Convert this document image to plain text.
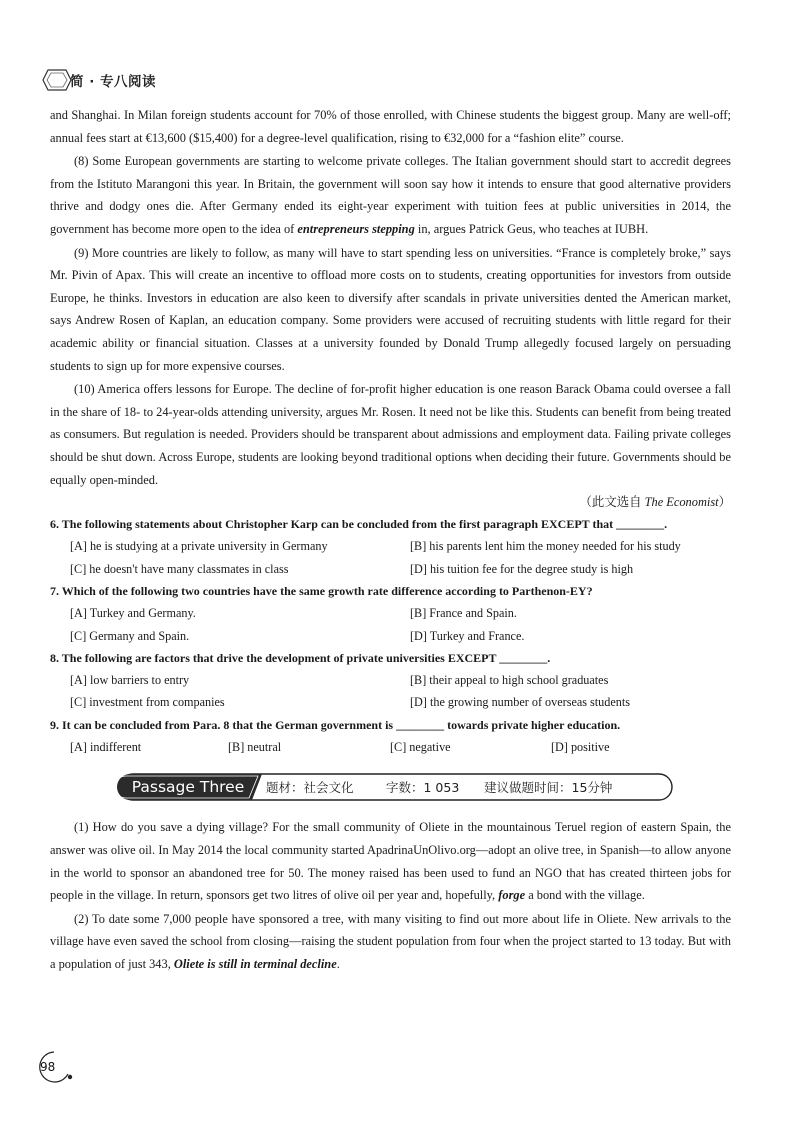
简 · 专八阅读

and Shanghai. In Milan foreign students account for 70% of those enrolled, with Chinese students the biggest group. Many are well-off; annual fees start at €13,600 ($15,400) for a degree-level qualification, rising to €32,000 for a “fashion elite” course.

(8) Some European governments are starting to welcome private colleges. The Italian government should start to accredit degrees from the Istituto Marangoni this year. In Britain, the government will soon say how it intends to ensure that good alternative providers thrive and dodgy ones die. After Germany ended its eight-year experiment with tuition fees at public universities in 2014, the government has become more open to the idea of entrepreneurs stepping in, argues Patrick Geus, who teaches at IUBH.

(9) More countries are likely to follow, as many will have to start spending less on universities. “France is completely broke,” says Mr. Pivin of Apax. This will create an incentive to offload more costs on to students, creating opportunities for investors from outside Europe, he thinks. Investors in education are also keen to diversify after scandals in private universities dented the American market, says Andrew Rosen of Kaplan, an education company. Some providers were accused of recruiting students with little regard for their academic ability or financial situation. Classes at a university founded by Donald Trump allegedly focused largely on persuading students to sign up for more expensive courses.

(10) America offers lessons for Europe. The decline of for-profit higher education is one reason Barack Obama could oversee a fall in the share of 18- to 24-year-olds attending university, argues Mr. Rosen. It need not be like this. Students can benefit from being treated as consumers. But regulation is needed. Providers should be transparent about admissions and employment data. Failing private colleges should be shut down. Across Europe, students are looking beyond traditional options when deciding their future. Governments should be equally open-minded.

（此文选自 The Economist）

6. The following statements about Christopher Karp can be concluded from the first paragraph EXCEPT that ________.

[A] he is studying at a private university in Germany	[B] his parents lent him the money needed for his study
[C] he doesn't have many classmates in class	[D] his tuition fee for the degree study is high

7. Which of the following two countries have the same growth rate difference according to Parthenon-EY?

[A] Turkey and Germany.	[B] France and Spain.
[C] Germany and Spain.	[D] Turkey and France.

8. The following are factors that drive the development of private universities EXCEPT ________.

[A] low barriers to entry	[B] their appeal to high school graduates
[C] investment from companies	[D] the growing number of overseas students

9. It can be concluded from Para. 8 that the German government is ________ towards private higher education.

[A] indifferent	[B] neutral	[C] negative	[D] positive
Passage Three	题材：社会文化	字数：1 053	建议做题时间：15分钟

(1) How do you save a dying village? For the small community of Oliete in the mountainous Teruel region of eastern Spain, the answer was olive oil. In May 2014 the local community started ApadrinaUnOlivo.org—adopt an olive tree, in Spanish—to allow anyone in the world to sponsor an abandoned tree for 50. The money raised has been used to fund an NGO that has created thirteen jobs for people in the village. In return, sponsors get two litres of olive oil per year and, hopefully, forge a bond with the village.

(2) To date some 7,000 people have sponsored a tree, with many visiting to find out more about life in Oliete. New arrivals to the village have even saved the school from closing—raising the student population from four when the project started to 13 today. But with a population of just 343, Oliete is still in terminal decline.

98
